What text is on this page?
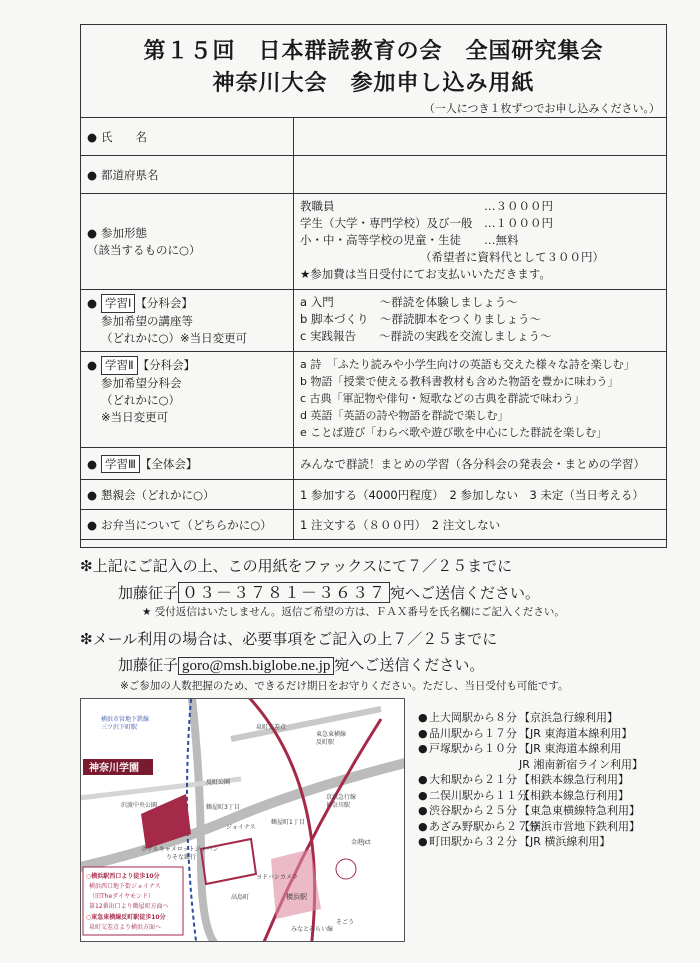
第１５回　日本群読教育の会　全国研究集会
神奈川大会　参加申し込み用紙
（一人につき１枚ずつでお申し込みください。）
● 氏　　名	
● 都道府県名	

● 参加形態
（該当するものに○）	教職員　　　　　　　　　　　　　…３０００円
学生（大学・専門学校）及び一般　…１０００円
小・中・高等学校の児童・生徒　　…無料
（希望者に資料代として３００円）
★参加費は当日受付にてお支払いいただきます。

● 学習Ⅰ 【分科会】
参加希望の講座等
（どれかに○）※当日変更可	a 入門　　　　～群読を体験しましょう～
b 脚本づくり　～群読脚本をつくりましょう～
c 実践報告　　～群読の実践を交流しましょう～

● 学習Ⅱ 【分科会】
参加希望分科会
（どれかに○）
※当日変更可	a 詩　「ふたり読みや小学生向けの英語も交えた様々な詩を楽しむ」
b 物語「授業で使える教科書教材も含めた物語を豊かに味わう」
c 古典「軍記物や俳句・短歌などの古典を群読で味わう」
d 英語「英語の詩や物語を群読で楽しむ」
e ことば遊び「わらべ歌や遊び歌を中心にした群読を楽しむ」

● 学習Ⅲ 【全体会】	みんなで群読！まとめの学習（各分科会の発表会・まとめの学習）
● 懇親会（どれかに○）	1 参加する（4000円程度）　2 参加しない　3 未定（当日考える）
● お弁当について（どちらかに○）	1 注文する（８００円）　2 注文しない
❇上記にご記入の上、この用紙をファックスにて７／２５までに
加藤征子 ０３－３７８１－３６３７ 宛へご送信ください。
★ 受付返信はいたしません。返信ご希望の方は、ＦＡＸ番号を氏名欄にご記入ください。
❇メール利用の場合は、必要事項をご記入の上７／２５までに
加藤征子 goro@msh.biglobe.ne.jp 宛へご送信ください。
※ご参加の人数把握のため、できるだけ期日をお守りください。ただし、当日受付も可能です。
神奈川学園
横浜市営地下鉄線
三ツ沢下町駅
反町駅
東急東横線
横浜駅
京浜急行線
神奈川駅
金港Jct
ホテルキャメロットジャパン
りそな銀行
高島町
そごう
ジョイナス
みなとみらい線
沢渡中央公園
反町公園
鶴屋町3丁目
泉町交差点
鶴屋町1丁目
ヨドバシカメラ
○横浜駅西口より徒歩10分
横浜西口地下街ジョイナス
（旧Theダイヤモンド）
第12番出口より鶴屋町方面へ
○東急東横線反町駅徒歩10分
泉町交差点より横浜方面へ
●上大岡駅から８分 【京浜急行線利用】
●品川駅から１７分 【JR 東海道本線利用】
●戸塚駅から１０分 【JR 東海道本線利用
JR 湘南新宿ライン利用】
●大和駅から２１分 【相鉄本線急行利用】
●二俣川駅から１１分【相鉄本線急行利用】
●渋谷駅から２５分 【東急東横線特急利用】
●あざみ野駅から２７分【横浜市営地下鉄利用】
●町田駅から３２分 【JR 横浜線利用】
